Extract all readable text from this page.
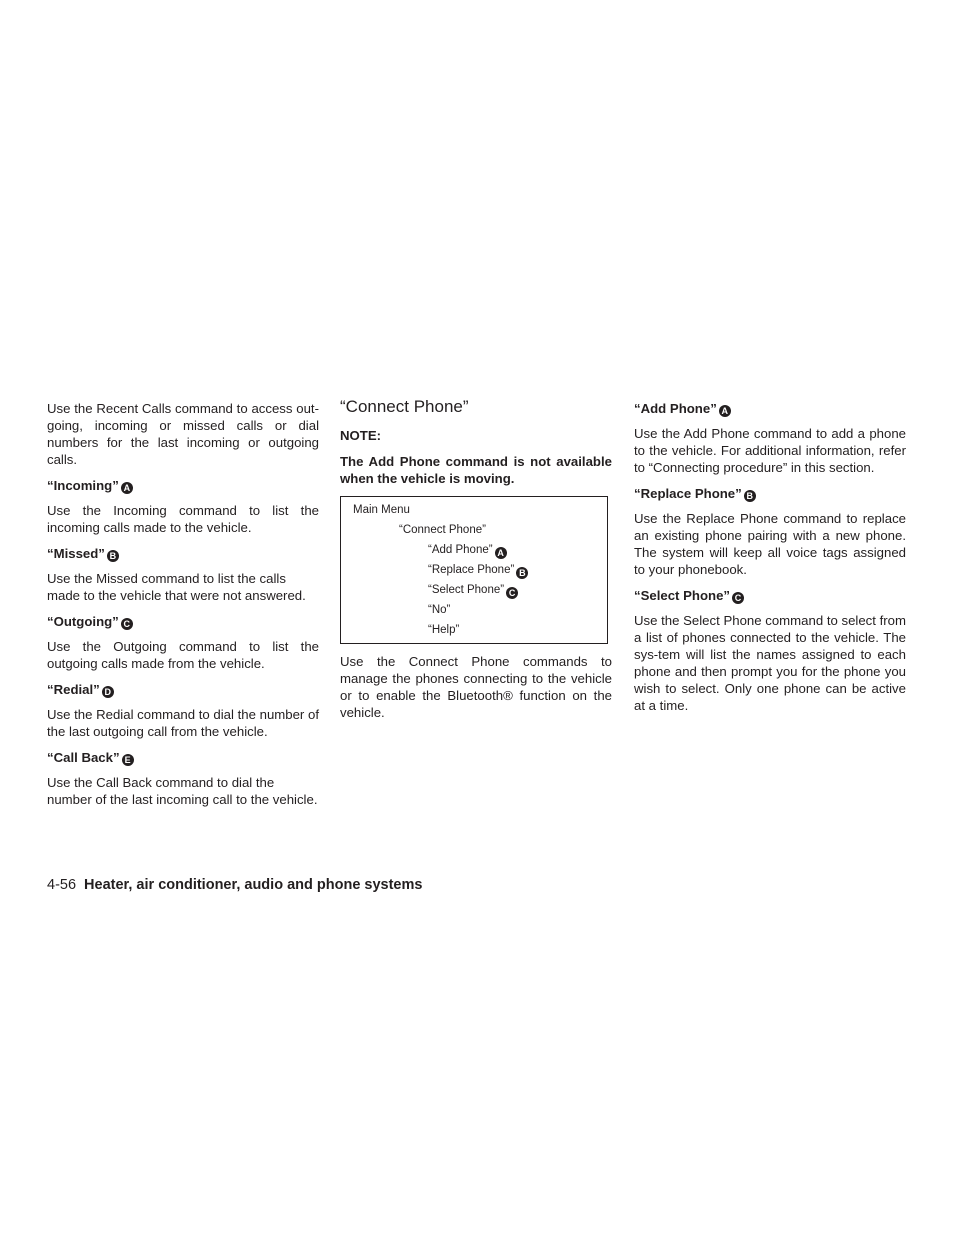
Use the Recent Calls command to access out-going, incoming or missed calls or dial numbers for the last incoming or outgoing calls.

“Incoming” A

Use the Incoming command to list the incoming calls made to the vehicle.

“Missed” B

Use the Missed command to list the calls made to the vehicle that were not answered.

“Outgoing” C

Use the Outgoing command to list the outgoing calls made from the vehicle.

“Redial” D

Use the Redial command to dial the number of the last outgoing call from the vehicle.

“Call Back” E

Use the Call Back command to dial the number of the last incoming call to the vehicle.

“Connect Phone”

NOTE:

The Add Phone command is not available when the vehicle is moving.

Main Menu
“Connect Phone”
“Add Phone” A
“Replace Phone” B
“Select Phone” C
“No”
“Help”

Use the Connect Phone commands to manage the phones connecting to the vehicle or to enable the Bluetooth® function on the vehicle.

“Add Phone” A

Use the Add Phone command to add a phone to the vehicle. For additional information, refer to “Connecting procedure” in this section.

“Replace Phone” B

Use the Replace Phone command to replace an existing phone pairing with a new phone. The system will keep all voice tags assigned to your phonebook.

“Select Phone” C

Use the Select Phone command to select from a list of phones connected to the vehicle. The sys-tem will list the names assigned to each phone and then prompt you for the phone you wish to select. Only one phone can be active at a time.

4-56 Heater, air conditioner, audio and phone systems
